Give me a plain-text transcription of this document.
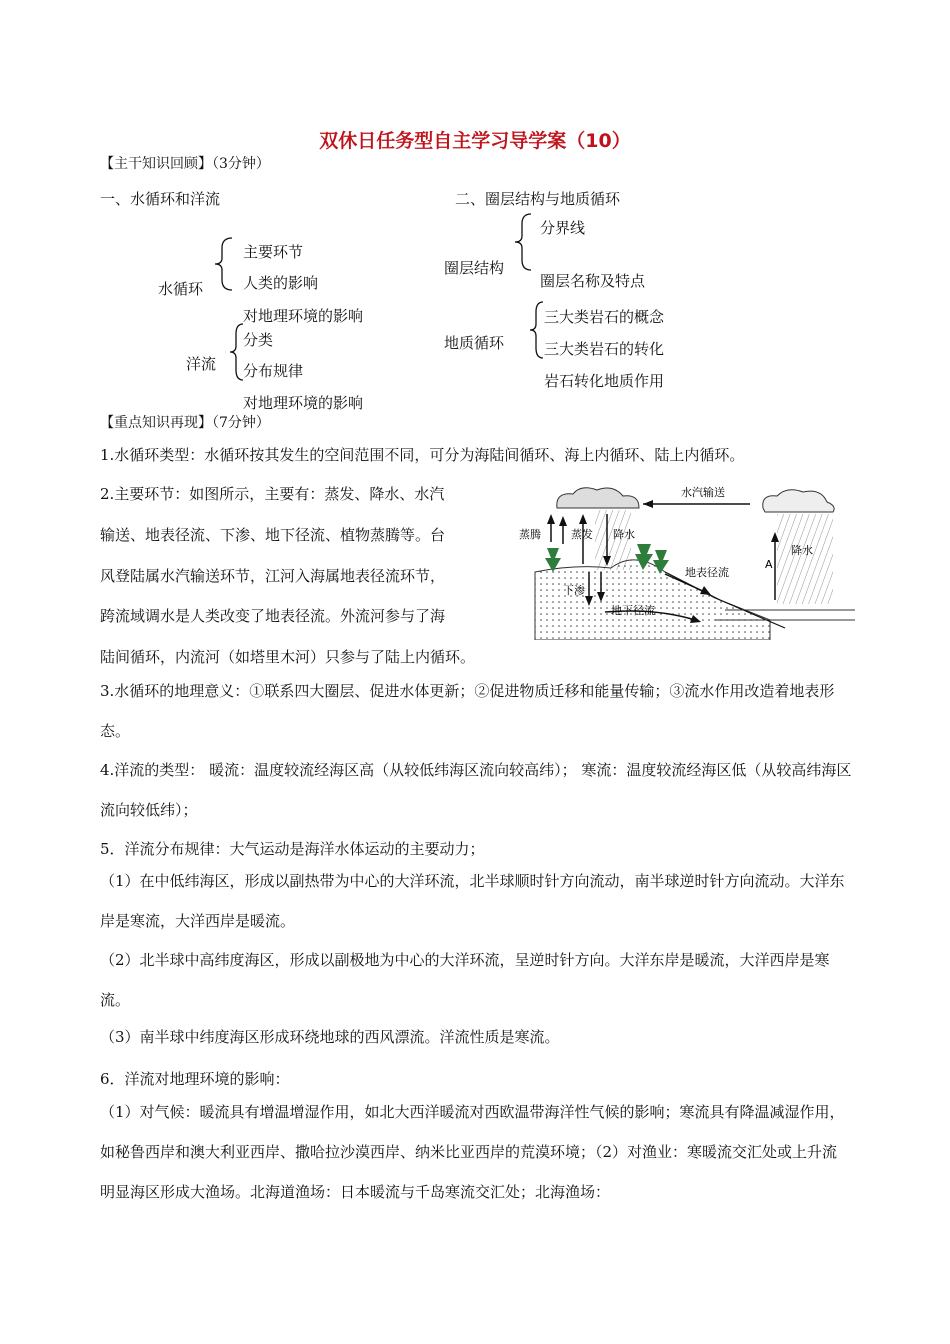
双休日任务型自主学习导学案（10）
【主干知识回顾】（3分钟）
一、水循环和洋流	二、圈层结构与地质循环
水循环
主要环节
人类的影响
对地理环境的影响
洋流
分类
分布规律
对地理环境的影响
圈层结构
分界线
圈层名称及特点
地质循环
三大类岩石的概念
三大类岩石的转化
岩石转化地质作用
【重点知识再现】（7分钟）
1.水循环类型：水循环按其发生的空间范围不同，可分为海陆间循环、海上内循环、陆上内循环。
2.主要环节：如图所示，主要有：蒸发、降水、水汽
输送、地表径流、下渗、地下径流、植物蒸腾等。台
风登陆属水汽输送环节，江河入海属地表径流环节，
跨流域调水是人类改变了地表径流。外流河参与了海
陆间循环，内流河（如塔里木河）只参与了陆上内循环。
水汽输送
蒸腾	蒸发 降水
降水
A
下渗
地表径流
地下径流
3.水循环的地理意义：①联系四大圈层、促进水体更新；②促进物质迁移和能量传输；③流水作用改造着地表形态。
4.洋流的类型： 暖流：温度较流经海区高（从较低纬海区流向较高纬）； 寒流：温度较流经海区低（从较高纬海区流向较低纬）；
5．洋流分布规律：大气运动是海洋水体运动的主要动力；
（1）在中低纬海区，形成以副热带为中心的大洋环流，北半球顺时针方向流动，南半球逆时针方向流动。大洋东岸是寒流，大洋西岸是暖流。
（2）北半球中高纬度海区，形成以副极地为中心的大洋环流，呈逆时针方向。大洋东岸是暖流，大洋西岸是寒流。
（3）南半球中纬度海区形成环绕地球的西风漂流。洋流性质是寒流。
6．洋流对地理环境的影响：
（1）对气候：暖流具有增温增湿作用，如北大西洋暖流对西欧温带海洋性气候的影响；寒流具有降温减湿作用，如秘鲁西岸和澳大利亚西岸、撒哈拉沙漠西岸、纳米比亚西岸的荒漠环境；（2）对渔业：寒暖流交汇处或上升流明显海区形成大渔场。北海道渔场：日本暖流与千岛寒流交汇处；北海渔场：
